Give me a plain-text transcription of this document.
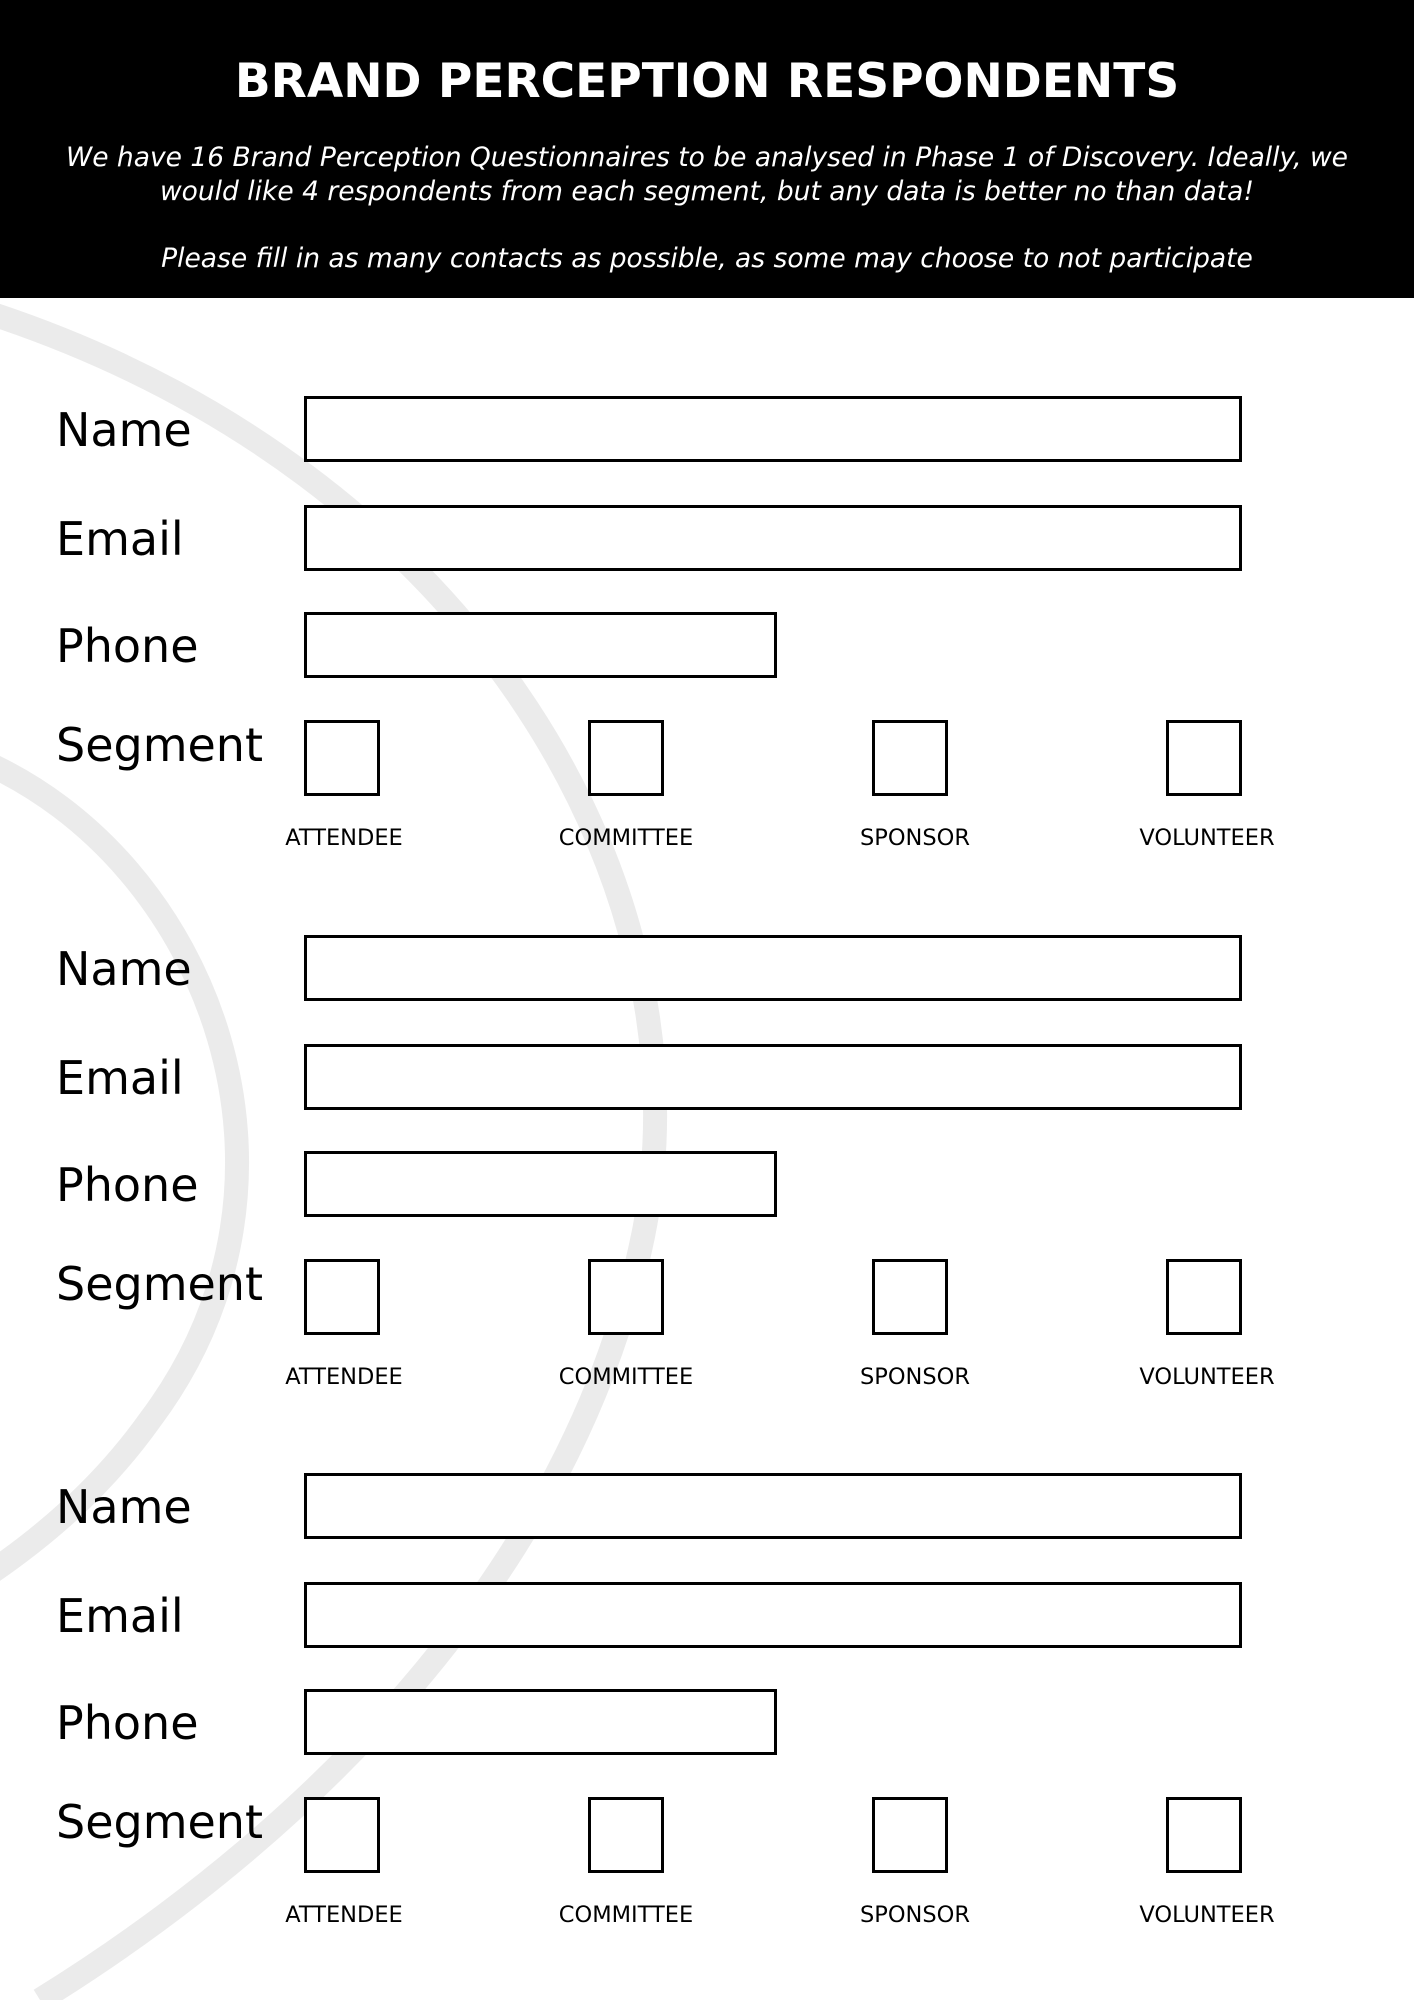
BRAND PERCEPTION RESPONDENTS

We have 16 Brand Perception Questionnaires to be analysed in Phase 1 of Discovery. Ideally, we would like 4 respondents from each segment, but any data is better no than data!

Please fill in as many contacts as possible, as some may choose to not participate

Name
Email
Phone
Segment
ATTENDEE	COMMITTEE	SPONSOR	VOLUNTEER
Name
Email
Phone
Segment
ATTENDEE	COMMITTEE	SPONSOR	VOLUNTEER
Name
Email
Phone
Segment
ATTENDEE	COMMITTEE	SPONSOR	VOLUNTEER
